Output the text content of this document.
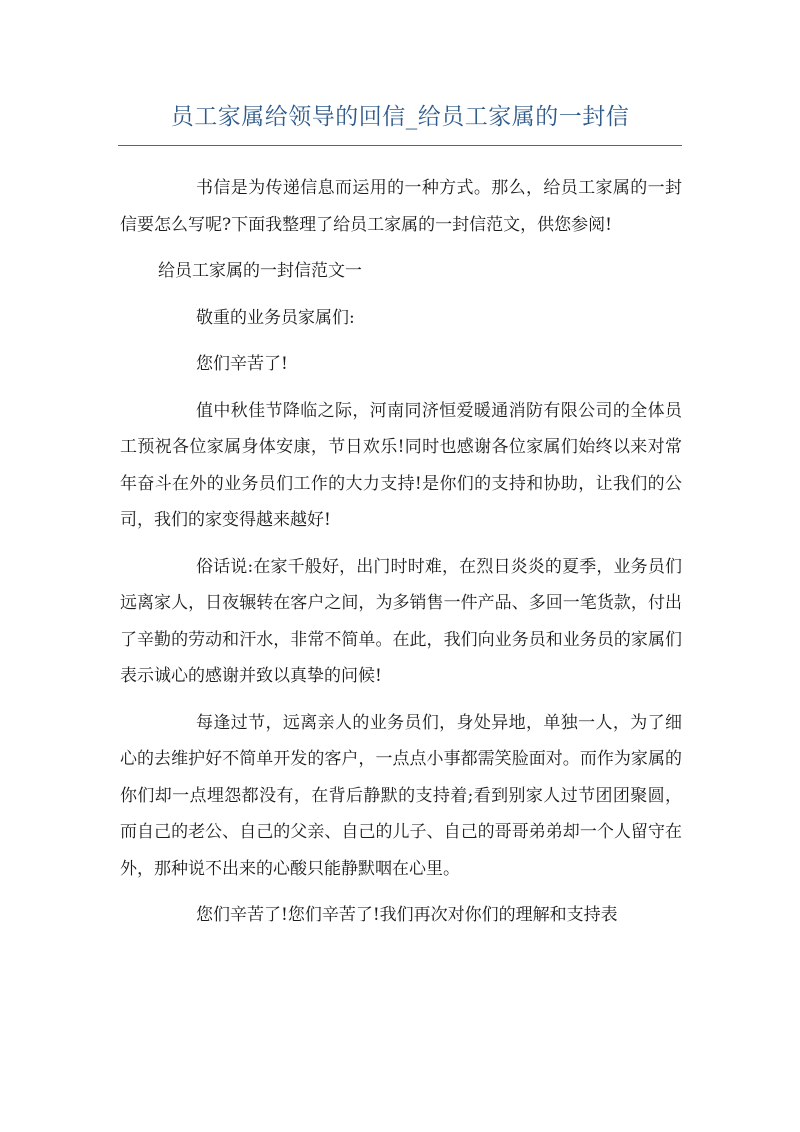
员工家属给领导的回信_给员工家属的一封信

书信是为传递信息而运用的一种方式。那么，给员工家属的一封信要怎么写呢?下面我整理了给员工家属的一封信范文，供您参阅!

给员工家属的一封信范文一

敬重的业务员家属们:

您们辛苦了!

值中秋佳节降临之际，河南同济恒爱暖通消防有限公司的全体员工预祝各位家属身体安康，节日欢乐!同时也感谢各位家属们始终以来对常年奋斗在外的业务员们工作的大力支持!是你们的支持和协助，让我们的公司，我们的家变得越来越好!

俗话说:在家千般好，出门时时难，在烈日炎炎的夏季，业务员们远离家人，日夜辗转在客户之间，为多销售一件产品、多回一笔货款，付出了辛勤的劳动和汗水，非常不简单。在此，我们向业务员和业务员的家属们表示诚心的感谢并致以真挚的问候!

每逢过节，远离亲人的业务员们，身处异地，单独一人，为了细心的去维护好不简单开发的客户，一点点小事都需笑脸面对。而作为家属的你们却一点埋怨都没有，在背后静默的支持着;看到别家人过节团团聚圆，而自己的老公、自己的父亲、自己的儿子、自己的哥哥弟弟却一个人留守在外，那种说不出来的心酸只能静默咽在心里。

您们辛苦了!您们辛苦了!我们再次对你们的理解和支持表
